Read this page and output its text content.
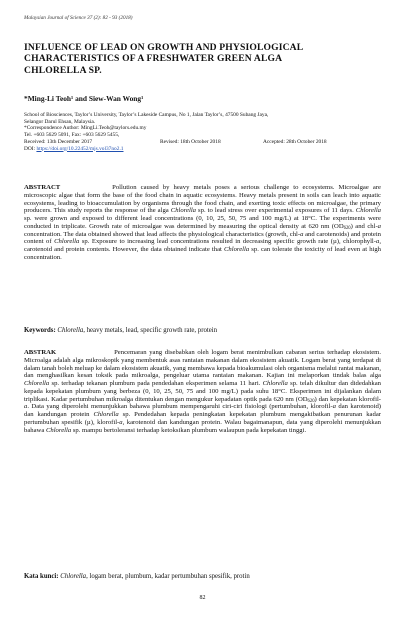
Malaysian Journal of Science 37 (2): 82 - 93 (2018)
INFLUENCE OF LEAD ON GROWTH AND PHYSIOLOGICAL
CHARACTERISTICS OF A FRESHWATER GREEN ALGA
CHLORELLA SP.
*Ming-Li Teoh¹ and Siew-Wan Wong¹
School of Biosciences, Taylor’s University, Taylor’s Lakeside Campus, No 1, Jalan Taylor’s, 47500 Subang Jaya,
Selangor Darul Ehsan, Malaysia.
*Correspondence Author: MingLi.Teoh@taylors.edu.my
Tel. +603 5629 5091, Fax: +603 5629 5455,
Received: 13th December 2017	Revised: 18th October 2018	Accepted: 28th October 2018
DOI: https://doi.org/10.22452/mjs.vol37no2.1
ABSTRACT	Pollution caused by heavy metals poses a serious challenge to ecosystems. Microalgae are microscopic algae that form the base of the food chain in aquatic ecosystems. Heavy metals present in soils can leach into aquatic ecosystems, leading to bioaccumulation by organisms through the food chain, and exerting toxic effects on microalgae, the primary producers. This study reports the response of the alga Chlorella sp. to lead stress over experimental exposures of 11 days. Chlorella sp. were grown and exposed to different lead concentrations (0, 10, 25, 50, 75 and 100 mg/L) at 18°C. The experiments were conducted in triplicate. Growth rate of microalgae was determined by measuring the optical density at 620 nm $(OD_{620})$ and chl-a concentration. The data obtained showed that lead affects the physiological characteristics (growth, chl-a and carotenoids) and protein content of Chlorella sp. Exposure to increasing lead concentrations resulted in decreasing specific growth rate (µ), chlorophyll-a, carotenoid and protein contents. However, the data obtained indicate that Chlorella sp. can tolerate the toxicity of lead even at high concentration.
Keywords: Chlorella, heavy metals, lead, specific growth rate, protein
ABSTRAK	Pencemaran yang disebabkan oleh logam berat menimbulkan cabaran serius terhadap ekosistem. Microalga adalah alga mikroskopik yang membentuk asas rantaian makanan dalam ekosistem akuatik. Logam berat yang terdapat di dalam tanah boleh meluap ke dalam ekosistem akuatik, yang membawa kepada bioakumulasi oleh organisma melalui rantai makanan, dan menghasilkan kesan toksik pada mikroalga, pengeluar utama rantaian makanan. Kajian ini melaporkan tindak balas alga Chlorella sp. terhadap tekanan plumbum pada pendedahan eksperimen selama 11 hari. Chlorella sp. telah dikultur dan didedahkan kepada kepekatan plumbum yang berbeza (0, 10, 25, 50, 75 and 100 mg/L) pada suhu 18°C. Eksperimen ini dijalankan dalam triplikasi. Kadar pertumbuhan mikroalga ditentukan dengan mengukur kepadatan optik pada 620 nm $(OD_{620})$ dan kepekatan klorofil-a. Data yang diperolehi menunjukkan bahawa plumbum mempengaruhi ciri-ciri fisiologi (pertumbuhan, klorofil-a dan karotenoid) dan kandungan protein Chlorella sp. Pendedahan kepada peningkatan kepekatan plumbum mengakibatkan penurunan kadar pertumbuhan spesifik (µ), klorofil-a, karotenoid dan kandungan protein. Walau bagaimanapun, data yang diperolehi menunjukkan bahawa Chlorella sp. mampu bertoleransi terhadap ketoksikan plumbum walaupun pada kepekatan tinggi.
Kata kunci: Chlorella, logam berat, plumbum, kadar pertumbuhan spesifik, protin
82
